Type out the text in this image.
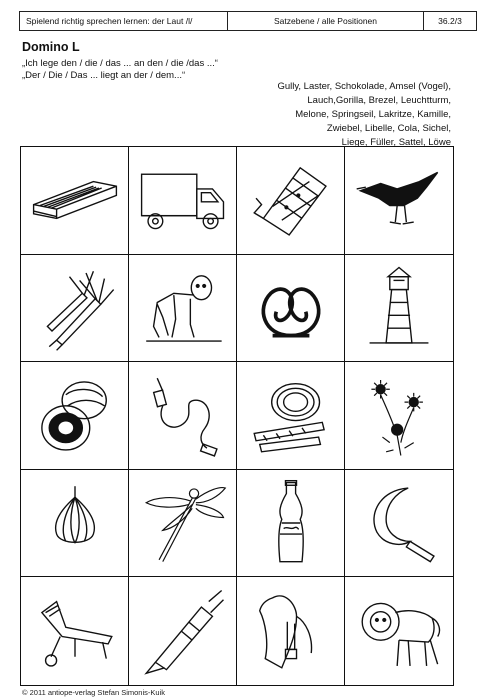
Spielend richtig sprechen lernen: der Laut /l/	Satzebene / alle Positionen	36.2/3
Domino L
„Ich lege den / die / das ... an den / die /das ...“
„Der / Die / Das ... liegt an der / dem...“
Gully, Laster, Schokolade, Amsel (Vogel),
Lauch,Gorilla, Brezel, Leuchtturm,
Melone, Springseil, Lakritze, Kamille,
Zwiebel, Libelle, Cola, Sichel,
Liege, Füller, Sattel, Löwe
© 2011 antiope-verlag Stefan Simonis-Kuik
